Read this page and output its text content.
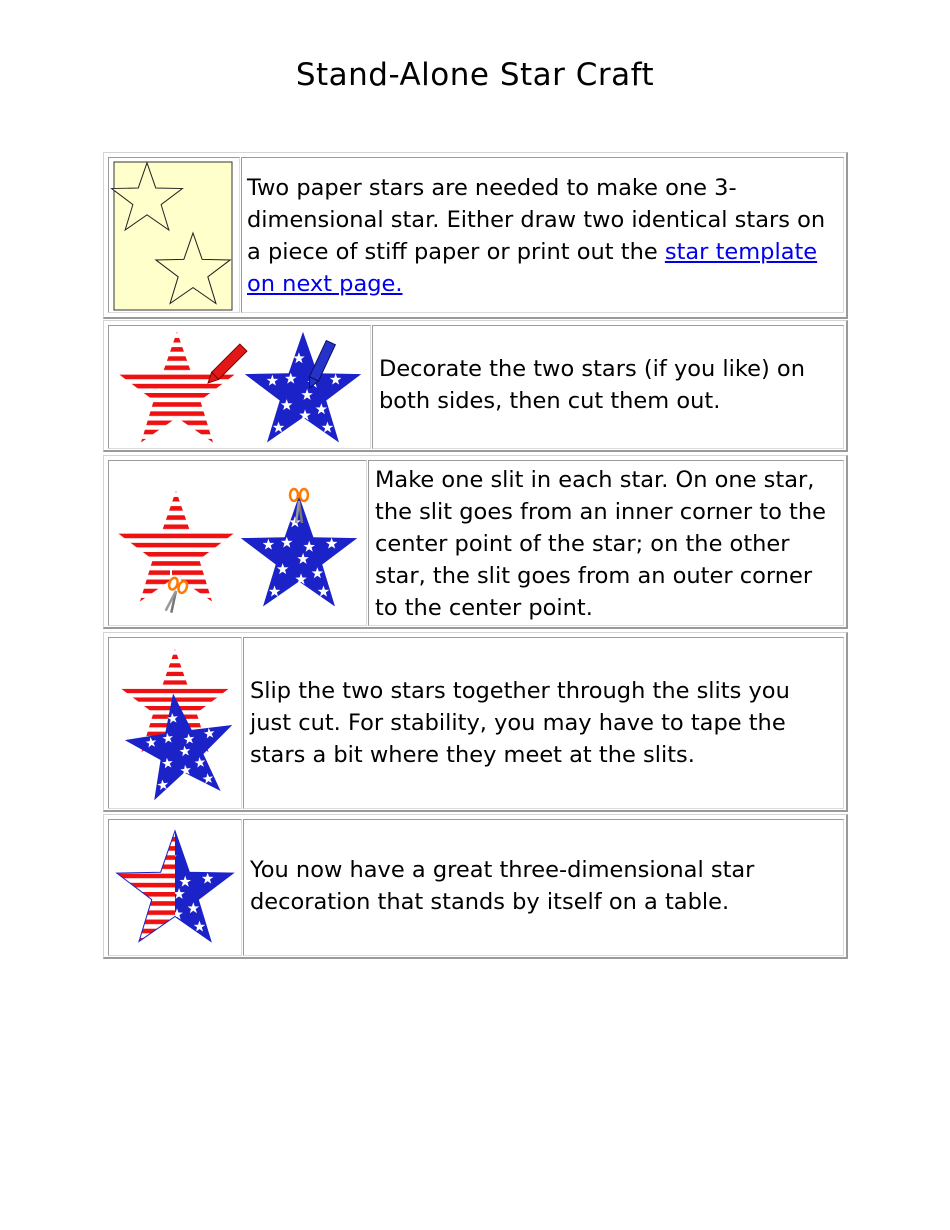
Stand-Alone Star Craft

Two paper stars are needed to make one 3-dimensional star. Either draw two identical stars on a piece of stiff paper or print out the star template on next page.

Decorate the two stars (if you like) on both sides, then cut them out.

Make one slit in each star. On one star, the slit goes from an inner corner to the center point of the star; on the other star, the slit goes from an outer corner to the center point.

Slip the two stars together through the slits you just cut. For stability, you may have to tape the stars a bit where they meet at the slits.

You now have a great three-dimensional star decoration that stands by itself on a table.
